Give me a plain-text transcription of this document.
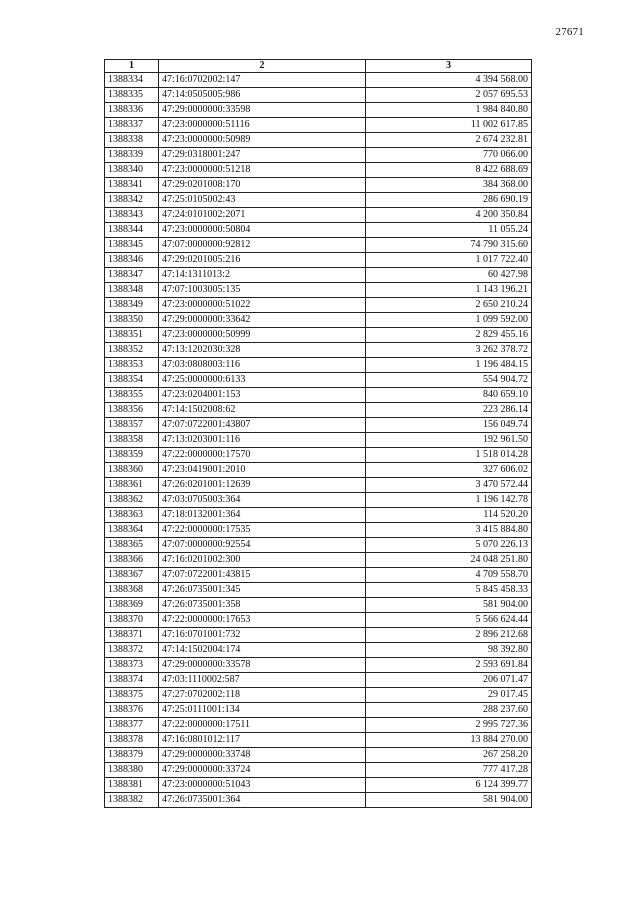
27671
1	2	3
1388334	47:16:0702002:147	4 394 568.00
1388335	47:14:0505005:986	2 057 695.53
1388336	47:29:0000000:33598	1 984 840.80
1388337	47:23:0000000:51116	11 002 617.85
1388338	47:23:0000000:50989	2 674 232.81
1388339	47:29:0318001:247	770 066.00
1388340	47:23:0000000:51218	8 422 688.69
1388341	47:29:0201008:170	384 368.00
1388342	47:25:0105002:43	286 690.19
1388343	47:24:0101002:2071	4 200 350.84
1388344	47:23:0000000:50804	11 055.24
1388345	47:07:0000000:92812	74 790 315.60
1388346	47:29:0201005:216	1 017 722.40
1388347	47:14:1311013:2	60 427.98
1388348	47:07:1003005:135	1 143 196.21
1388349	47:23:0000000:51022	2 650 210.24
1388350	47:29:0000000:33642	1 099 592.00
1388351	47:23:0000000:50999	2 829 455.16
1388352	47:13:1202030:328	3 262 378.72
1388353	47:03:0808003:116	1 196 484.15
1388354	47:25:0000000:6133	554 904.72
1388355	47:23:0204001:153	840 659.10
1388356	47:14:1502008:62	223 286.14
1388357	47:07:0722001:43807	156 049.74
1388358	47:13:0203001:116	192 961.50
1388359	47:22:0000000:17570	1 518 014.28
1388360	47:23:0419001:2010	327 606.02
1388361	47:26:0201001:12639	3 470 572.44
1388362	47:03:0705003:364	1 196 142.78
1388363	47:18:0132001:364	114 520.20
1388364	47:22:0000000:17535	3 415 884.80
1388365	47:07:0000000:92554	5 070 226.13
1388366	47:16:0201002:300	24 048 251.80
1388367	47:07:0722001:43815	4 709 558.70
1388368	47:26:0735001:345	5 845 458.33
1388369	47:26:0735001:358	581 904.00
1388370	47:22:0000000:17653	5 566 624.44
1388371	47:16:0701001:732	2 896 212.68
1388372	47:14:1502004:174	98 392.80
1388373	47:29:0000000:33578	2 593 691.84
1388374	47:03:1110002:587	206 071.47
1388375	47:27:0702002:118	29 017.45
1388376	47:25:0111001:134	288 237.60
1388377	47:22:0000000:17511	2 995 727.36
1388378	47:16:0801012:117	13 884 270.00
1388379	47:29:0000000:33748	267 258.20
1388380	47:29:0000000:33724	777 417.28
1388381	47:23:0000000:51043	6 124 399.77
1388382	47:26:0735001:364	581 904.00
